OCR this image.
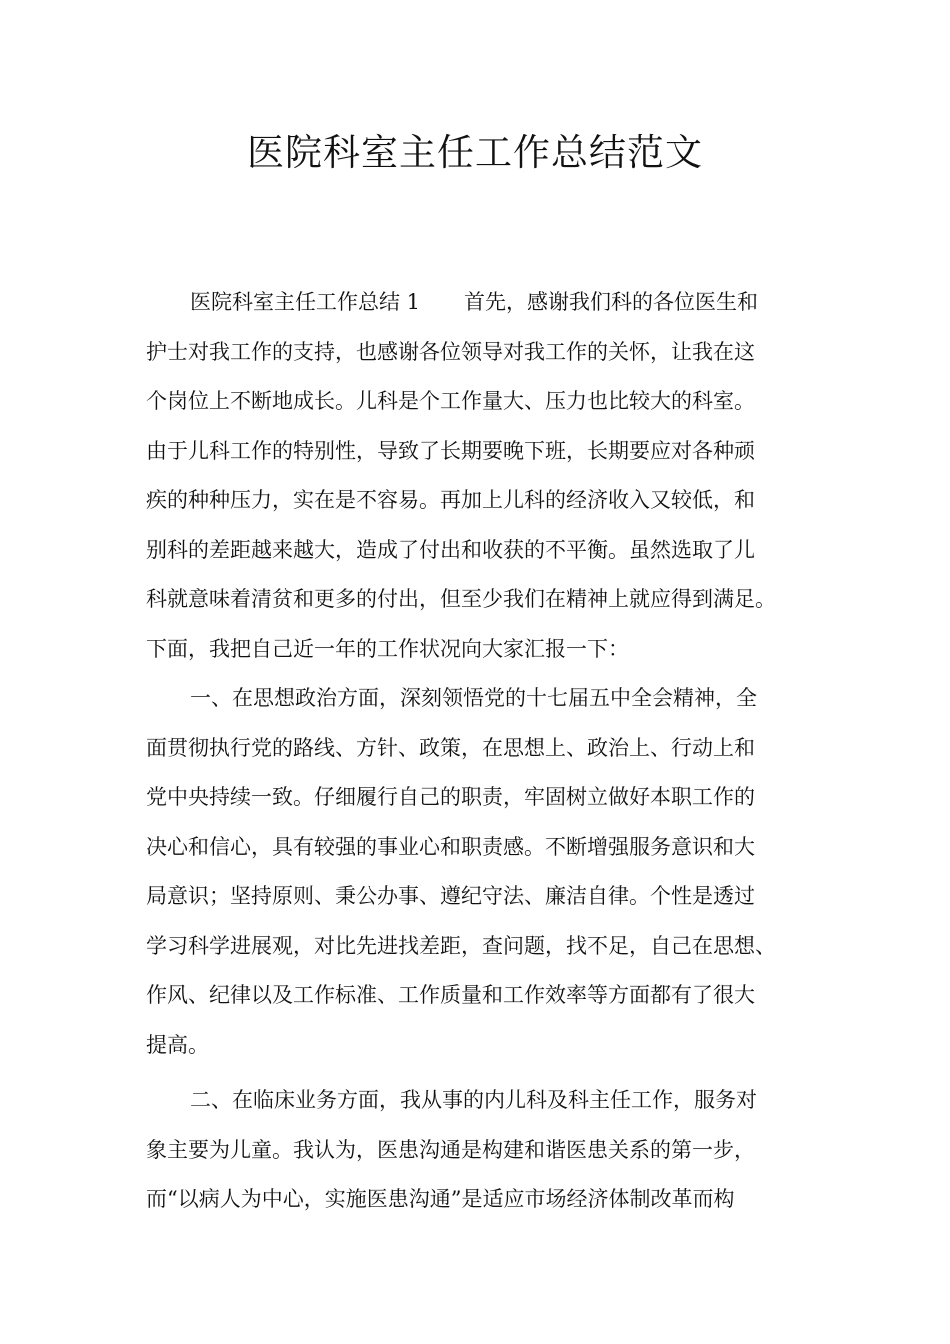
医院科室主任工作总结范文
医院科室主任工作总结 1 首先，感谢我们科的各位医生和
护士对我工作的支持，也感谢各位领导对我工作的关怀，让我在这
个岗位上不断地成长。儿科是个工作量大、压力也比较大的科室。
由于儿科工作的特别性，导致了长期要晚下班，长期要应对各种顽
疾的种种压力，实在是不容易。再加上儿科的经济收入又较低，和
别科的差距越来越大，造成了付出和收获的不平衡。虽然选取了儿
科就意味着清贫和更多的付出，但至少我们在精神上就应得到满足。
下面，我把自己近一年的工作状况向大家汇报一下：
一、在思想政治方面，深刻领悟党的十七届五中全会精神，全
面贯彻执行党的路线、方针、政策，在思想上、政治上、行动上和
党中央持续一致。仔细履行自己的职责，牢固树立做好本职工作的
决心和信心，具有较强的事业心和职责感。不断增强服务意识和大
局意识；坚持原则、秉公办事、遵纪守法、廉洁自律。个性是透过
学习科学进展观，对比先进找差距，查问题，找不足，自己在思想、
作风、纪律以及工作标准、工作质量和工作效率等方面都有了很大
提高。
二、在临床业务方面，我从事的内儿科及科主任工作，服务对
象主要为儿童。我认为，医患沟通是构建和谐医患关系的第一步，
而“以病人为中心，实施医患沟通”是适应市场经济体制改革而构
